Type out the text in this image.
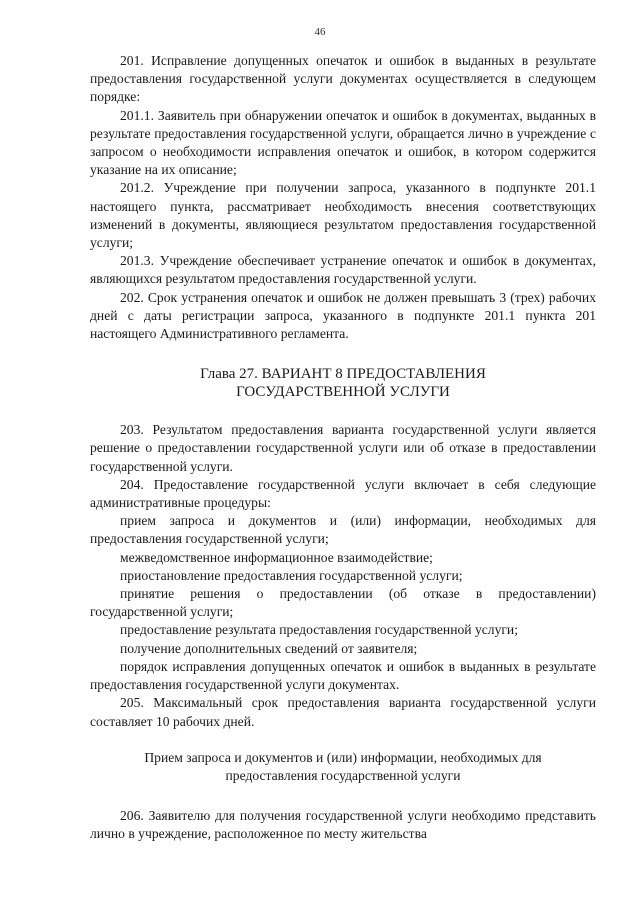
46

201. Исправление допущенных опечаток и ошибок в выданных в результате предоставления государственной услуги документах осуществляется в следующем порядке:

201.1. Заявитель при обнаружении опечаток и ошибок в документах, выданных в результате предоставления государственной услуги, обращается лично в учреждение с запросом о необходимости исправления опечаток и ошибок, в котором содержится указание на их описание;

201.2. Учреждение при получении запроса, указанного в подпункте 201.1 настоящего пункта, рассматривает необходимость внесения соответствующих изменений в документы, являющиеся результатом предоставления государственной услуги;

201.3. Учреждение обеспечивает устранение опечаток и ошибок в документах, являющихся результатом предоставления государственной услуги.

202. Срок устранения опечаток и ошибок не должен превышать 3 (трех) рабочих дней с даты регистрации запроса, указанного в подпункте 201.1 пункта 201 настоящего Административного регламента.

Глава 27. ВАРИАНТ 8 ПРЕДОСТАВЛЕНИЯ
ГОСУДАРСТВЕННОЙ УСЛУГИ

203. Результатом предоставления варианта государственной услуги является решение о предоставлении государственной услуги или об отказе в предоставлении государственной услуги.

204. Предоставление государственной услуги включает в себя следующие административные процедуры:

прием запроса и документов и (или) информации, необходимых для предоставления государственной услуги;

межведомственное информационное взаимодействие;

приостановление предоставления государственной услуги;

принятие решения о предоставлении (об отказе в предоставлении) государственной услуги;

предоставление результата предоставления государственной услуги;

получение дополнительных сведений от заявителя;

порядок исправления допущенных опечаток и ошибок в выданных в результате предоставления государственной услуги документах.

205. Максимальный срок предоставления варианта государственной услуги составляет 10 рабочих дней.

Прием запроса и документов и (или) информации, необходимых для
предоставления государственной услуги

206. Заявителю для получения государственной услуги необходимо представить лично в учреждение, расположенное по месту жительства
